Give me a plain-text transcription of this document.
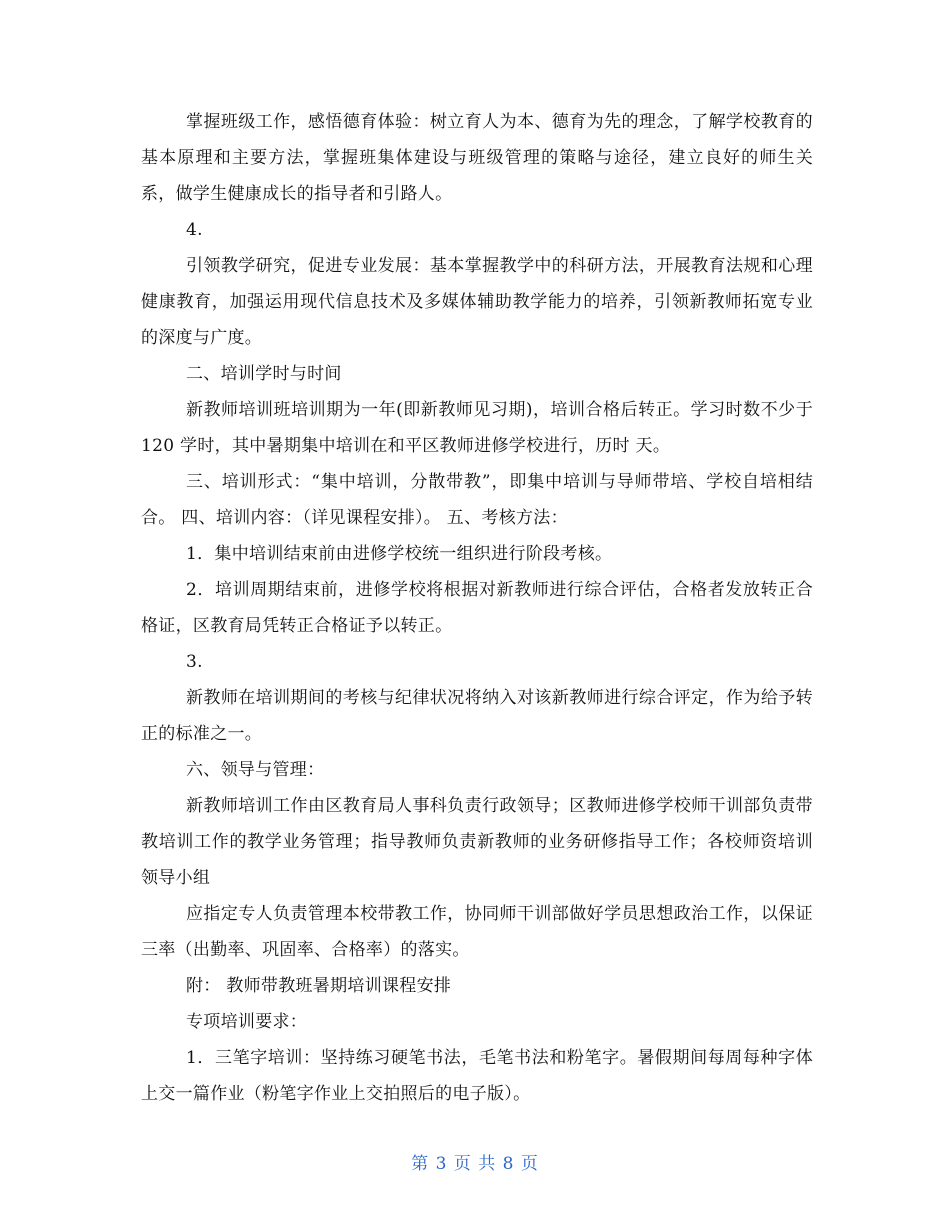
掌握班级工作，感悟德育体验：树立育人为本、德育为先的理念，了解学校教育的基本原理和主要方法，掌握班集体建设与班级管理的策略与途径，建立良好的师生关系，做学生健康成长的指导者和引路人。

4.

引领教学研究，促进专业发展：基本掌握教学中的科研方法，开展教育法规和心理健康教育，加强运用现代信息技术及多媒体辅助教学能力的培养，引领新教师拓宽专业的深度与广度。

二、培训学时与时间

新教师培训班培训期为一年(即新教师见习期)，培训合格后转正。学习时数不少于 120 学时，其中暑期集中培训在和平区教师进修学校进行，历时 天。

三、培训形式：“集中培训，分散带教”，即集中培训与导师带培、学校自培相结合。 四、培训内容：（详见课程安排）。 五、考核方法：

1．集中培训结束前由进修学校统一组织进行阶段考核。

2．培训周期结束前，进修学校将根据对新教师进行综合评估，合格者发放转正合格证，区教育局凭转正合格证予以转正。

3.

新教师在培训期间的考核与纪律状况将纳入对该新教师进行综合评定，作为给予转正的标准之一。

六、领导与管理：

新教师培训工作由区教育局人事科负责行政领导；区教师进修学校师干训部负责带教培训工作的教学业务管理；指导教师负责新教师的业务研修指导工作；各校师资培训领导小组

应指定专人负责管理本校带教工作，协同师干训部做好学员思想政治工作，以保证三率（出勤率、巩固率、合格率）的落实。

附： 教师带教班暑期培训课程安排

专项培训要求：

1．三笔字培训：坚持练习硬笔书法，毛笔书法和粉笔字。暑假期间每周每种字体上交一篇作业（粉笔字作业上交拍照后的电子版）。

第 3 页 共 8 页
